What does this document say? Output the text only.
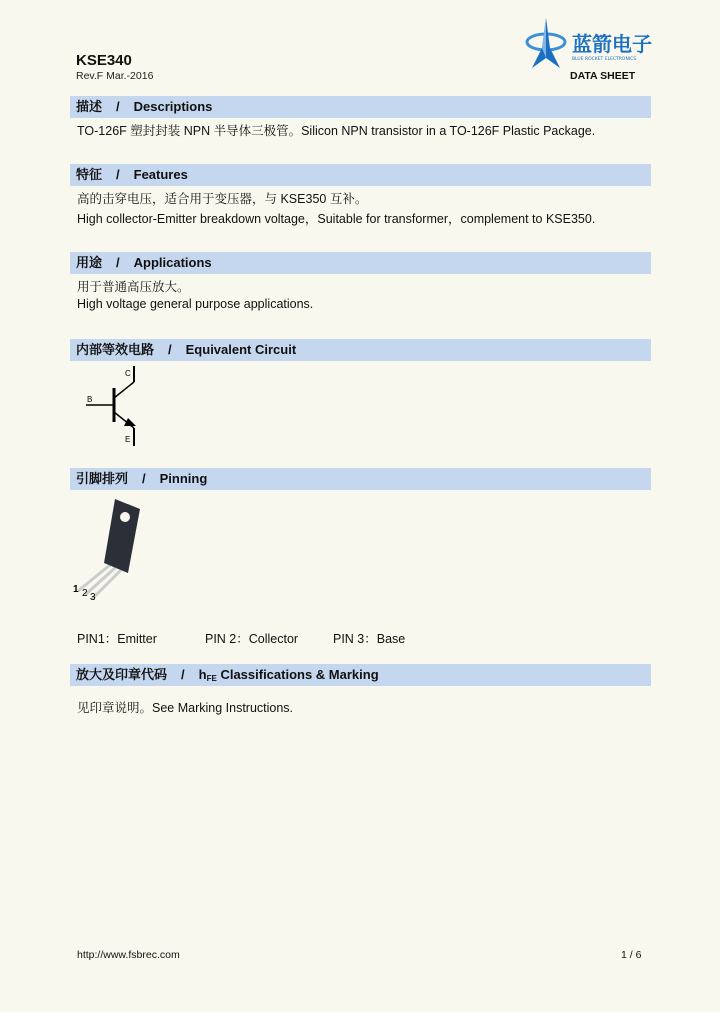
蓝箭电子
BLUE ROCKET ELECTRONICS
KSE340
Rev.F Mar.-2016	DATA SHEET
描述 / Descriptions
TO-126F 塑封封装 NPN 半导体三极管。Silicon NPN transistor in a TO-126F Plastic Package.
特征 / Features
高的击穿电压，适合用于变压器，与 KSE350 互补。
High collector-Emitter breakdown voltage，Suitable for transformer，complement to KSE350.
用途 / Applications
用于普通高压放大。
High voltage general purpose applications.
内部等效电路 / Equivalent Circuit
C
B
E
引脚排列 / Pinning
1 2 3
PIN1：Emitter	PIN 2：Collector	PIN 3：Base
放大及印章代码 / $h_{FE}$ Classifications & Marking
见印章说明。See Marking Instructions.
http://www.fsbrec.com	1 / 6
